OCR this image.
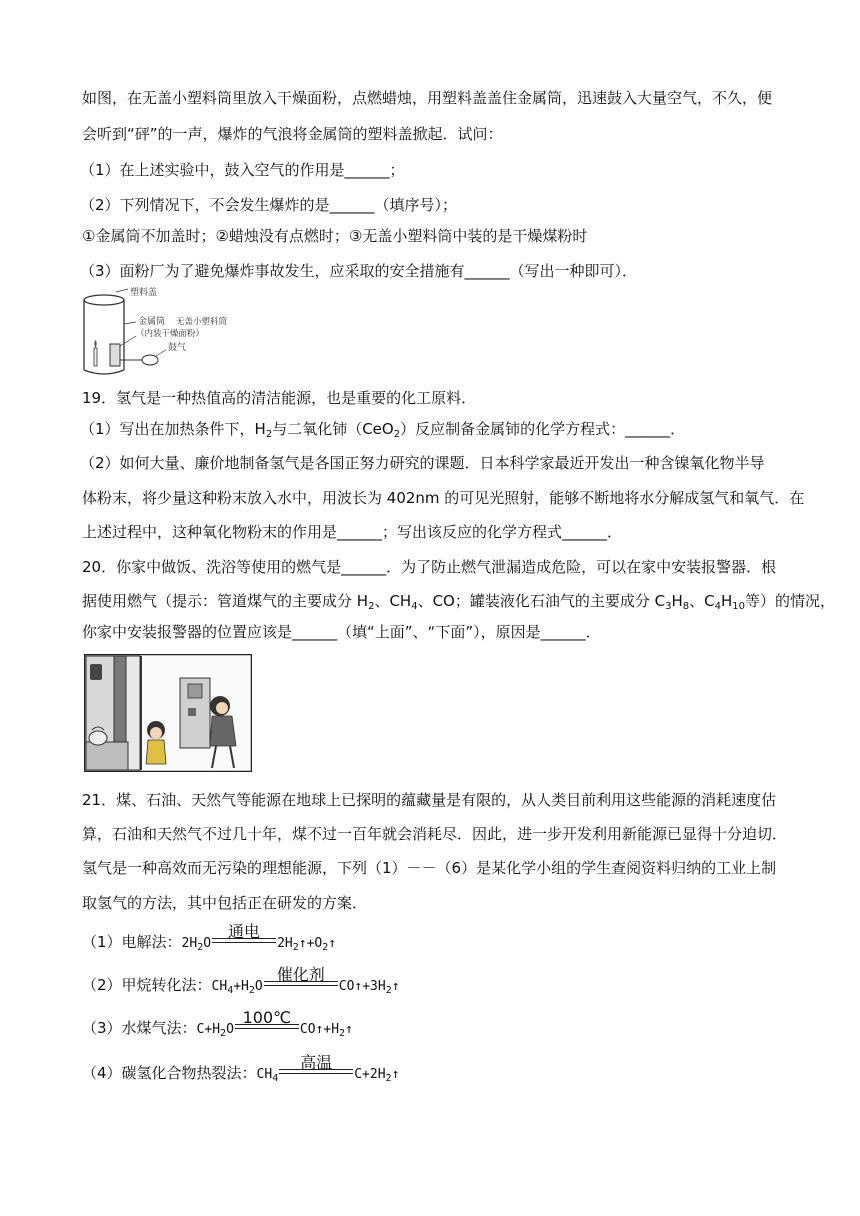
如图，在无盖小塑料筒里放入干燥面粉，点燃蜡烛，用塑料盖盖住金属筒，迅速鼓入大量空气，不久，便
会听到“砰”的一声，爆炸的气浪将金属筒的塑料盖掀起．试问：
（1）在上述实验中，鼓入空气的作用是______；
（2）下列情况下，不会发生爆炸的是______（填序号）；
①金属筒不加盖时；②蜡烛没有点燃时；③无盖小塑料筒中装的是干燥煤粉时
（3）面粉厂为了避免爆炸事故发生，应采取的安全措施有______（写出一种即可）．
塑料盖
金属筒 无盖小塑料筒
（内装干燥面粉）
鼓气
19．氢气是一种热值高的清洁能源，也是重要的化工原料．
（1）写出在加热条件下，$H_2$与二氧化铈（CeO$_2$）反应制备金属铈的化学方程式：______．
（2）如何大量、廉价地制备氢气是各国正努力研究的课题．日本科学家最近开发出一种含镍氧化物半导
体粉末，将少量这种粉末放入水中，用波长为 402nm 的可见光照射，能够不断地将水分解成氢气和氧气．在
上述过程中，这种氧化物粉末的作用是______；写出该反应的化学方程式______．
20．你家中做饭、洗浴等使用的燃气是______．为了防止燃气泄漏造成危险，可以在家中安装报警器．根
据使用燃气（提示：管道煤气的主要成分 $H_2$、$CH_4$、CO；罐装液化石油气的主要成分 $C_3H_8$、$C_4H_{10}$等）的情况，
你家中安装报警器的位置应该是______（填“上面”、“下面”），原因是______．
21．煤、石油、天然气等能源在地球上已探明的蕴藏量是有限的，从人类目前利用这些能源的消耗速度估
算，石油和天然气不过几十年，煤不过一百年就会消耗尽．因此，进一步开发利用新能源已显得十分迫切．
氢气是一种高效而无污染的理想能源，下列（1）－－（6）是某化学小组的学生查阅资料归纳的工业上制
取氢气的方法，其中包括正在研发的方案．
（1）电解法：$2H_2O$
通电
$2H_2↑+O_2↑$
（2）甲烷转化法：$CH_4+H_2O$
催化剂
$CO↑+3H_2↑$
（3）水煤气法：$C+H_2O$
100℃
$CO↑+H_2↑$
（4）碳氢化合物热裂法：$CH_4$
高温
$C+2H_2↑$
